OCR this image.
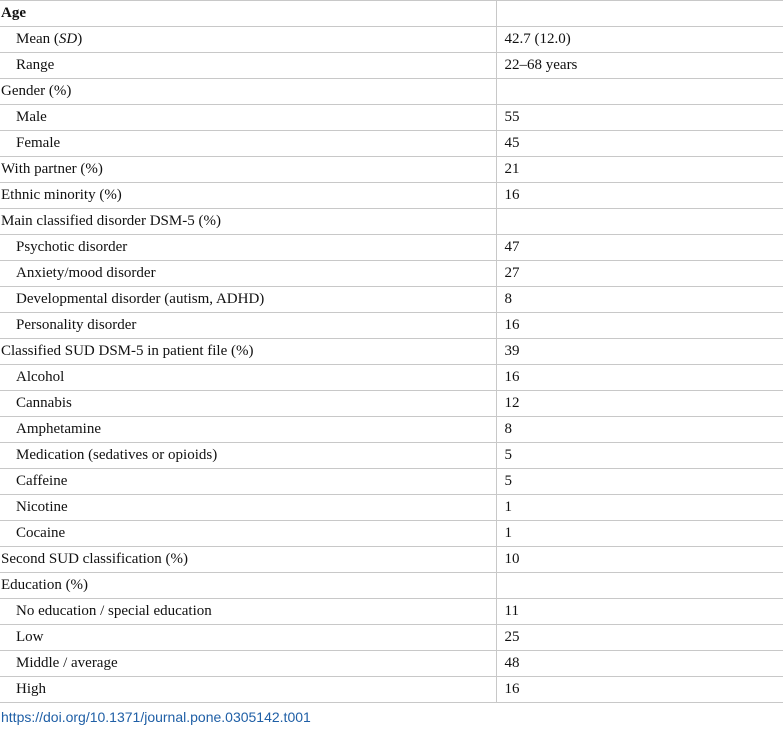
Age	
Mean (SD)	42.7 (12.0)
Range	22–68 years
Gender (%)	
Male	55
Female	45
With partner (%)	21
Ethnic minority (%)	16
Main classified disorder DSM-5 (%)	
Psychotic disorder	47
Anxiety/mood disorder	27
Developmental disorder (autism, ADHD)	8
Personality disorder	16
Classified SUD DSM-5 in patient file (%)	39
Alcohol	16
Cannabis	12
Amphetamine	8
Medication (sedatives or opioids)	5
Caffeine	5
Nicotine	1
Cocaine	1
Second SUD classification (%)	10
Education (%)	
No education / special education	11
Low	25
Middle / average	48
High	16
https://doi.org/10.1371/journal.pone.0305142.t001
